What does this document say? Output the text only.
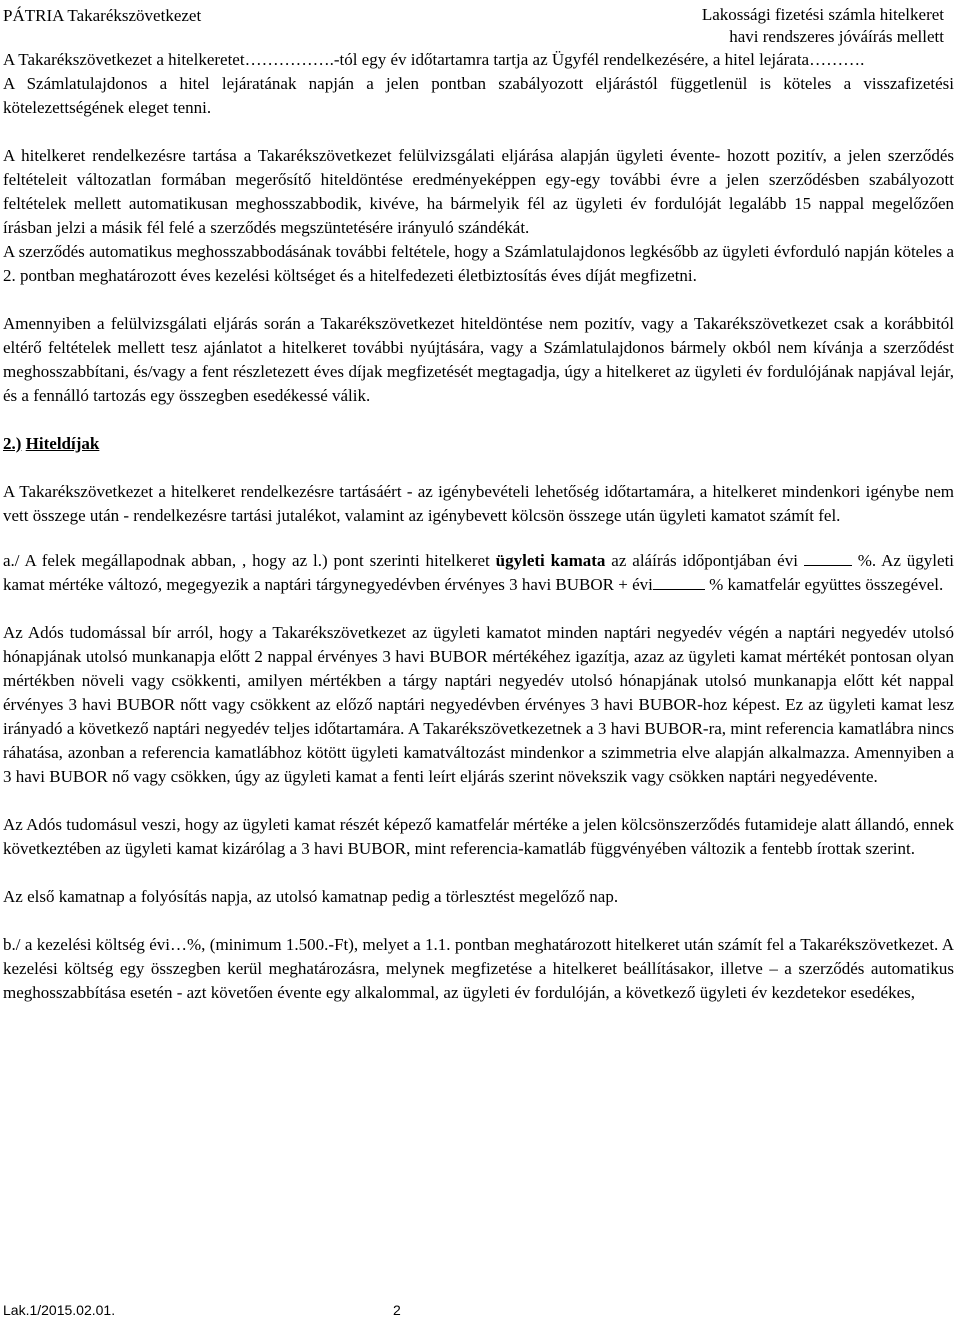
PÁTRIA Takarékszövetkezet	Lakossági fizetési számla hitelkeret
havi rendszeres jóváírás mellett

A Takarékszövetkezet a hitelkeretet…………….-tól egy év időtartamra tartja az Ügyfél rendelkezésére, a hitel lejárata……….

A Számlatulajdonos a hitel lejáratának napján a jelen pontban szabályozott eljárástól függetlenül is köteles a visszafizetési kötelezettségének eleget tenni.

A hitelkeret rendelkezésre tartása a Takarékszövetkezet felülvizsgálati eljárása alapján ügyleti évente- hozott pozitív, a jelen szerződés feltételeit változatlan formában megerősítő hiteldöntése eredményeképpen egy-egy további évre a jelen szerződésben szabályozott feltételek mellett automatikusan meghosszabbodik, kivéve, ha bármelyik fél az ügyleti év fordulóját legalább 15 nappal megelőzően írásban jelzi a másik fél felé a szerződés megszüntetésére irányuló szándékát.

A szerződés automatikus meghosszabbodásának további feltétele, hogy a Számlatulajdonos legkésőbb az ügyleti évforduló napján köteles a 2. pontban meghatározott éves kezelési költséget és a hitelfedezeti életbiztosítás éves díját megfizetni.

Amennyiben a felülvizsgálati eljárás során a Takarékszövetkezet hiteldöntése nem pozitív, vagy a Takarékszövetkezet csak a korábbitól eltérő feltételek mellett tesz ajánlatot a hitelkeret további nyújtására, vagy a Számlatulajdonos bármely okból nem kívánja a szerződést meghosszabbítani, és/vagy a fent részletezett éves díjak megfizetését megtagadja, úgy a hitelkeret az ügyleti év fordulójának napjával lejár, és a fennálló tartozás egy összegben esedékessé válik.

2.) Hiteldíjak

A Takarékszövetkezet a hitelkeret rendelkezésre tartásáért - az igénybevételi lehetőség időtartamára, a hitelkeret mindenkori igénybe nem vett összege után - rendelkezésre tartási jutalékot, valamint az igénybevett kölcsön összege után ügyleti kamatot számít fel.

a./ A felek megállapodnak abban, , hogy az l.) pont szerinti hitelkeret ügyleti kamata az aláírás időpontjában évi	%. Az ügyleti kamat mértéke változó, megegyezik a naptári tárgynegyedévben érvényes 3 havi BUBOR + évi	% kamatfelár együttes összegével.

Az Adós tudomással bír arról, hogy a Takarékszövetkezet az ügyleti kamatot minden naptári negyedév végén a naptári negyedév utolsó hónapjának utolsó munkanapja előtt 2 nappal érvényes 3 havi BUBOR mértékéhez igazítja, azaz az ügyleti kamat mértékét pontosan olyan mértékben növeli vagy csökkenti, amilyen mértékben a tárgy naptári negyedév utolsó hónapjának utolsó munkanapja előtt két nappal érvényes 3 havi BUBOR nőtt vagy csökkent az előző naptári negyedévben érvényes 3 havi BUBOR-hoz képest. Ez az ügyleti kamat lesz irányadó a következő naptári negyedév teljes időtartamára. A Takarékszövetkezetnek a 3 havi BUBOR-ra, mint referencia kamatlábra nincs ráhatása, azonban a referencia kamatlábhoz kötött ügyleti kamatváltozást mindenkor a szimmetria elve alapján alkalmazza. Amennyiben a 3 havi BUBOR nő vagy csökken, úgy az ügyleti kamat a fenti leírt eljárás szerint növekszik vagy csökken naptári negyedévente.

Az Adós tudomásul veszi, hogy az ügyleti kamat részét képező kamatfelár mértéke a jelen kölcsönszerződés futamideje alatt állandó, ennek következtében az ügyleti kamat kizárólag a 3 havi BUBOR, mint referencia-kamatláb függvényében változik a fentebb írottak szerint.

Az első kamatnap a folyósítás napja, az utolsó kamatnap pedig a törlesztést megelőző nap.

b./ a kezelési költség évi…%, (minimum 1.500.-Ft), melyet a 1.1. pontban meghatározott hitelkeret után számít fel a Takarékszövetkezet. A kezelési költség egy összegben kerül meghatározásra, melynek megfizetése a hitelkeret beállításakor, illetve – a szerződés automatikus meghosszabbítása esetén - azt követően évente egy alkalommal, az ügyleti év fordulóján, a következő ügyleti év kezdetekor esedékes,

Lak.1/2015.02.01.	2
